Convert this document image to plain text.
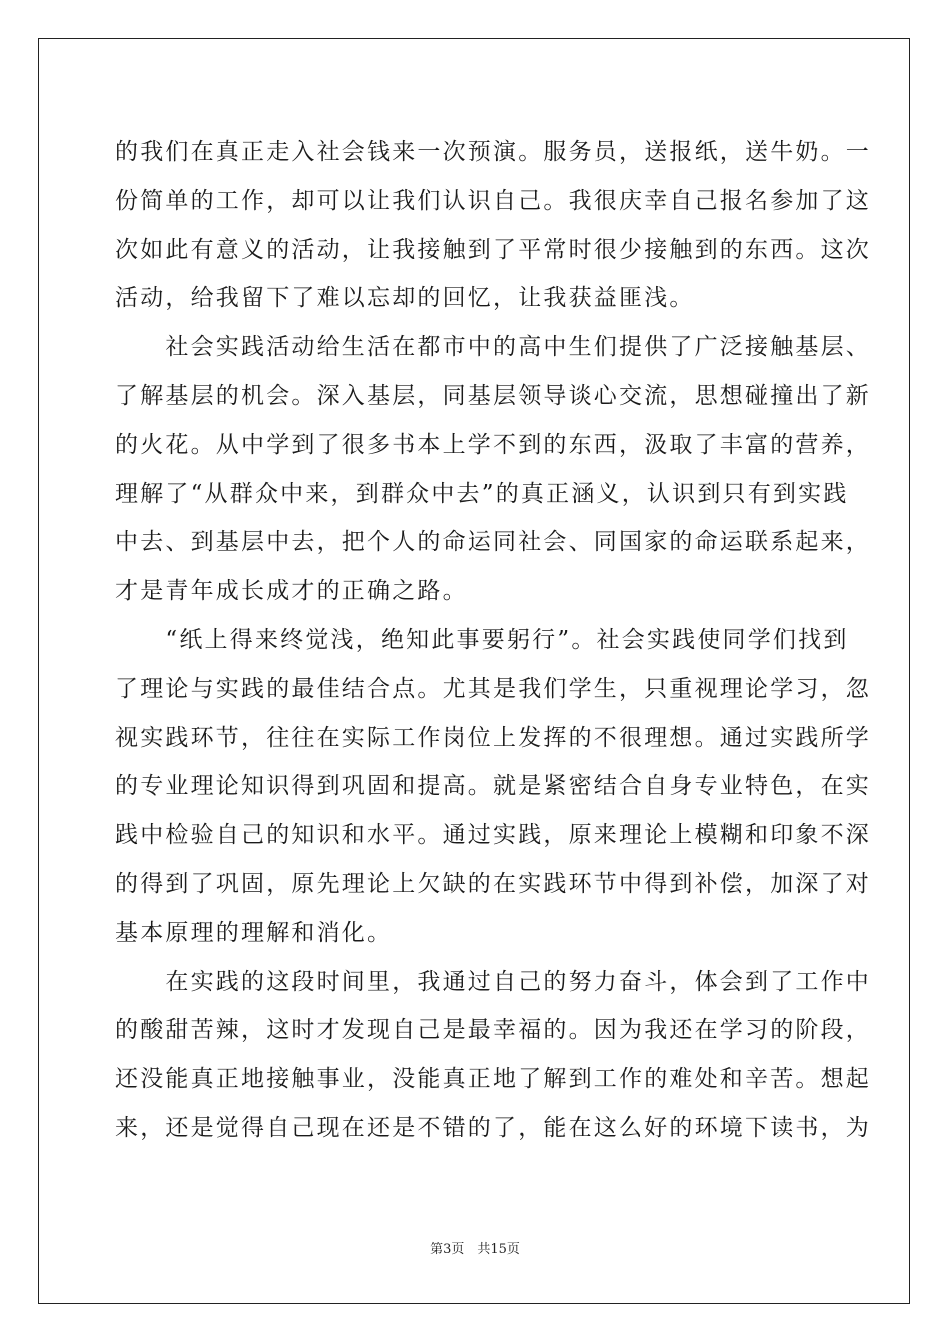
的我们在真正走入社会钱来一次预演。服务员，送报纸，送牛奶。一
份简单的工作，却可以让我们认识自己。我很庆幸自己报名参加了这
次如此有意义的活动，让我接触到了平常时很少接触到的东西。这次
活动，给我留下了难以忘却的回忆，让我获益匪浅。
　　社会实践活动给生活在都市中的高中生们提供了广泛接触基层、
了解基层的机会。深入基层，同基层领导谈心交流，思想碰撞出了新
的火花。从中学到了很多书本上学不到的东西，汲取了丰富的营养，
理解了“从群众中来，到群众中去”的真正涵义，认识到只有到实践
中去、到基层中去，把个人的命运同社会、同国家的命运联系起来，
才是青年成长成才的正确之路。
　　“纸上得来终觉浅，绝知此事要躬行”。社会实践使同学们找到
了理论与实践的最佳结合点。尤其是我们学生，只重视理论学习，忽
视实践环节，往往在实际工作岗位上发挥的不很理想。通过实践所学
的专业理论知识得到巩固和提高。就是紧密结合自身专业特色，在实
践中检验自己的知识和水平。通过实践，原来理论上模糊和印象不深
的得到了巩固，原先理论上欠缺的在实践环节中得到补偿，加深了对
基本原理的理解和消化。
　　在实践的这段时间里，我通过自己的努力奋斗，体会到了工作中
的酸甜苦辣，这时才发现自己是最幸福的。因为我还在学习的阶段，
还没能真正地接触事业，没能真正地了解到工作的难处和辛苦。想起
来，还是觉得自己现在还是不错的了，能在这么好的环境下读书，为
第3页　共15页
